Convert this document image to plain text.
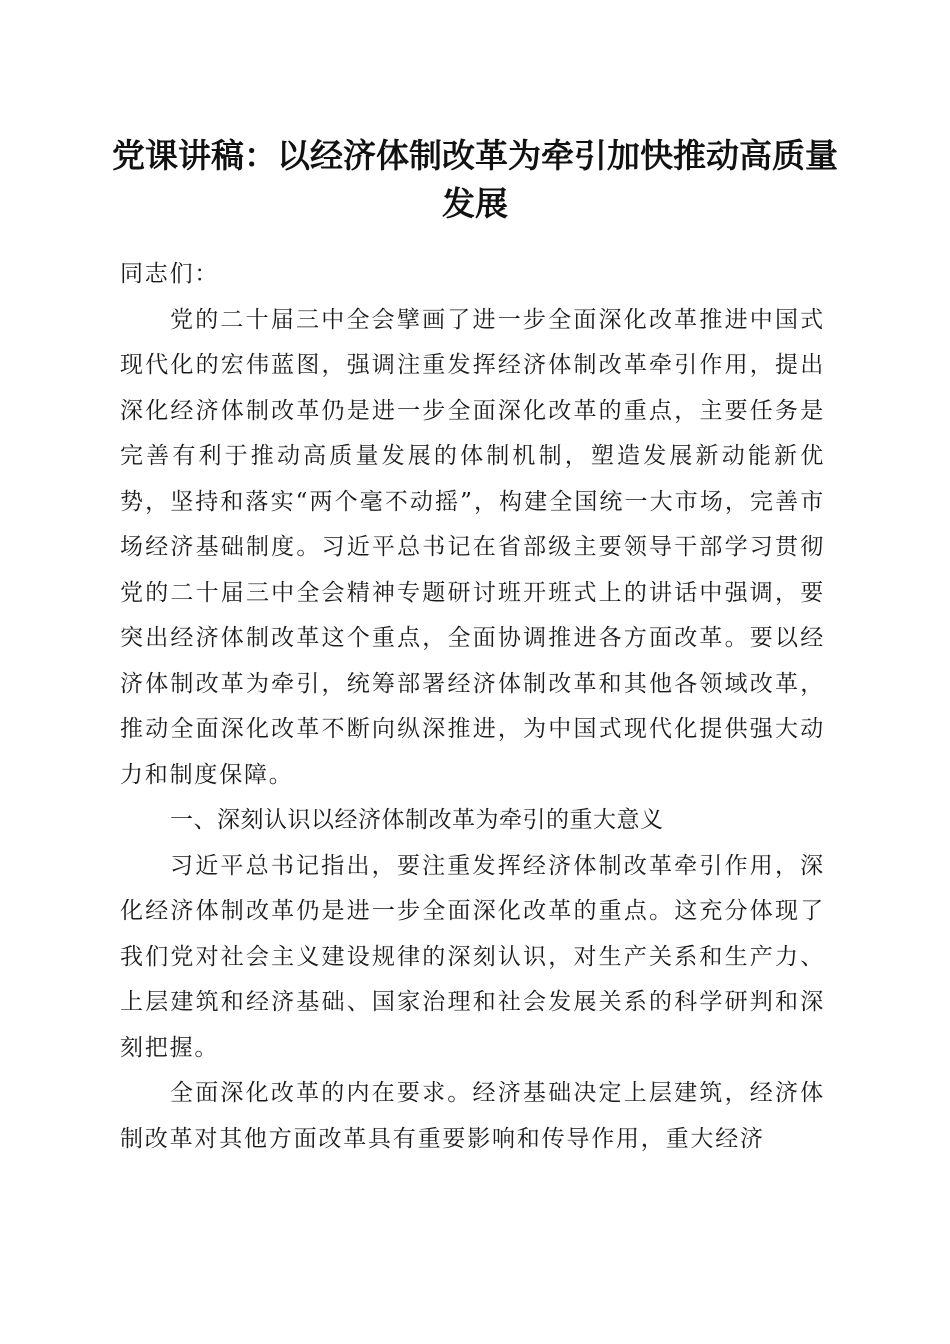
党课讲稿：以经济体制改革为牵引加快推动高质量发展

同志们：

党的二十届三中全会擘画了进一步全面深化改革推进中国式现代化的宏伟蓝图，强调注重发挥经济体制改革牵引作用，提出深化经济体制改革仍是进一步全面深化改革的重点，主要任务是完善有利于推动高质量发展的体制机制，塑造发展新动能新优势，坚持和落实“两个毫不动摇”，构建全国统一大市场，完善市场经济基础制度。习近平总书记在省部级主要领导干部学习贯彻党的二十届三中全会精神专题研讨班开班式上的讲话中强调，要突出经济体制改革这个重点，全面协调推进各方面改革。要以经济体制改革为牵引，统筹部署经济体制改革和其他各领域改革，推动全面深化改革不断向纵深推进，为中国式现代化提供强大动力和制度保障。

一、深刻认识以经济体制改革为牵引的重大意义

习近平总书记指出，要注重发挥经济体制改革牵引作用，深化经济体制改革仍是进一步全面深化改革的重点。这充分体现了我们党对社会主义建设规律的深刻认识，对生产关系和生产力、上层建筑和经济基础、国家治理和社会发展关系的科学研判和深刻把握。

全面深化改革的内在要求。经济基础决定上层建筑，经济体制改革对其他方面改革具有重要影响和传导作用，重大经济
